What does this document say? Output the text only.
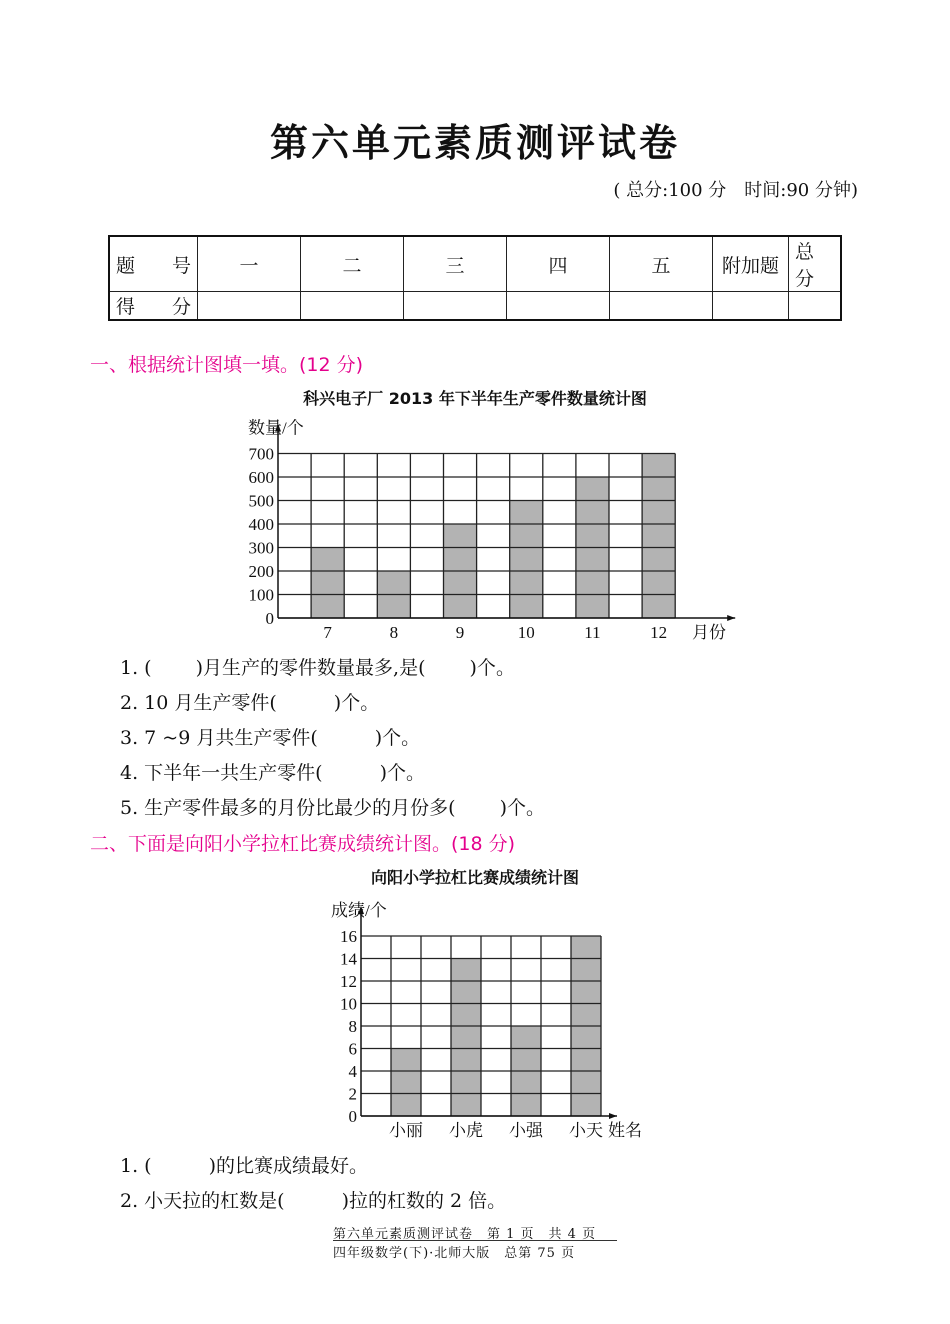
第六单元素质测评试卷
( 总分:100 分　时间:90 分钟)
题　号	一	二	三	四	五	附加题	总　分
得　分							
一、根据统计图填一填。(12 分)
科兴电子厂 2013 年下半年生产零件数量统计图
0
100
200
300
400
500
600
700
7	8	9	10	11	12
数量/个
月份
0
2
4
6
8
10
12
14
16
小丽 小虎 小强 小天
成绩/个
姓名
1. (　　 )月生产的零件数量最多,是(　　 )个。
2. 10 月生产零件(　　　)个。
3. 7 ~9 月共生产零件(　　　)个。
4. 下半年一共生产零件(　　　)个。
5. 生产零件最多的月份比最少的月份多(　　 )个。
二、下面是向阳小学拉杠比赛成绩统计图。(18 分)
向阳小学拉杠比赛成绩统计图
1. (　　　)的比赛成绩最好。
2. 小天拉的杠数是(　　　)拉的杠数的 2 倍。
第六单元素质测评试卷　第 1 页　共 4 页
四年级数学(下)·北师大版　总第 75 页
